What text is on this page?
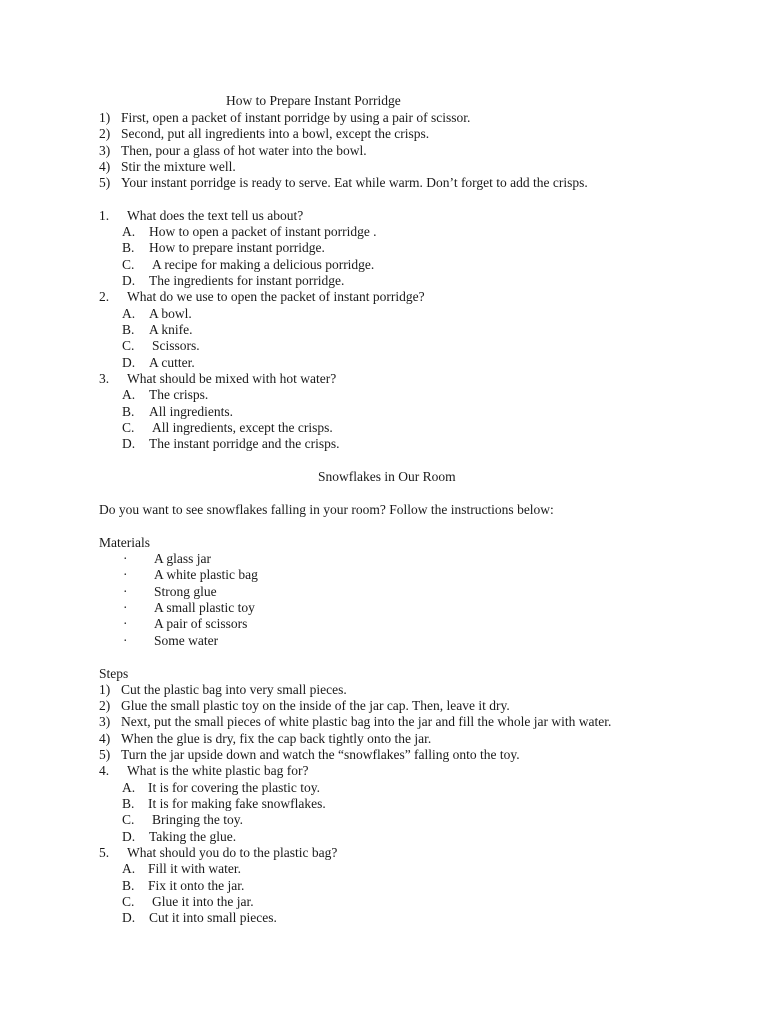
How to Prepare Instant Porridge
1) First, open a packet of instant porridge by using a pair of scissor.
2) Second, put all ingredients into a bowl, except the crisps.
3) Then, pour a glass of hot water into the bowl.
4) Stir the mixture well.
5) Your instant porridge is ready to serve. Eat while warm. Don’t forget to add the crisps.
1. What does the text tell us about?
A. How to open a packet of instant porridge .
B. How to prepare instant porridge.
C. A recipe for making a delicious porridge.
D. The ingredients for instant porridge.
2. What do we use to open the packet of instant porridge?
A. A bowl.
B. A knife.
C. Scissors.
D. A cutter.
3. What should be mixed with hot water?
A. The crisps.
B. All ingredients.
C. All ingredients, except the crisps.
D. The instant porridge and the crisps.
Snowflakes in Our Room
Do you want to see snowflakes falling in your room? Follow the instructions below:
Materials
· A glass jar
· A white plastic bag
· Strong glue
· A small plastic toy
· A pair of scissors
· Some water
Steps
1) Cut the plastic bag into very small pieces.
2) Glue the small plastic toy on the inside of the jar cap. Then, leave it dry.
3) Next, put the small pieces of white plastic bag into the jar and fill the whole jar with water.
4) When the glue is dry, fix the cap back tightly onto the jar.
5) Turn the jar upside down and watch the “snowflakes” falling onto the toy.
4. What is the white plastic bag for?
A. It is for covering the plastic toy.
B. It is for making fake snowflakes.
C. Bringing the toy.
D. Taking the glue.
5. What should you do to the plastic bag?
A. Fill it with water.
B. Fix it onto the jar.
C. Glue it into the jar.
D. Cut it into small pieces.
